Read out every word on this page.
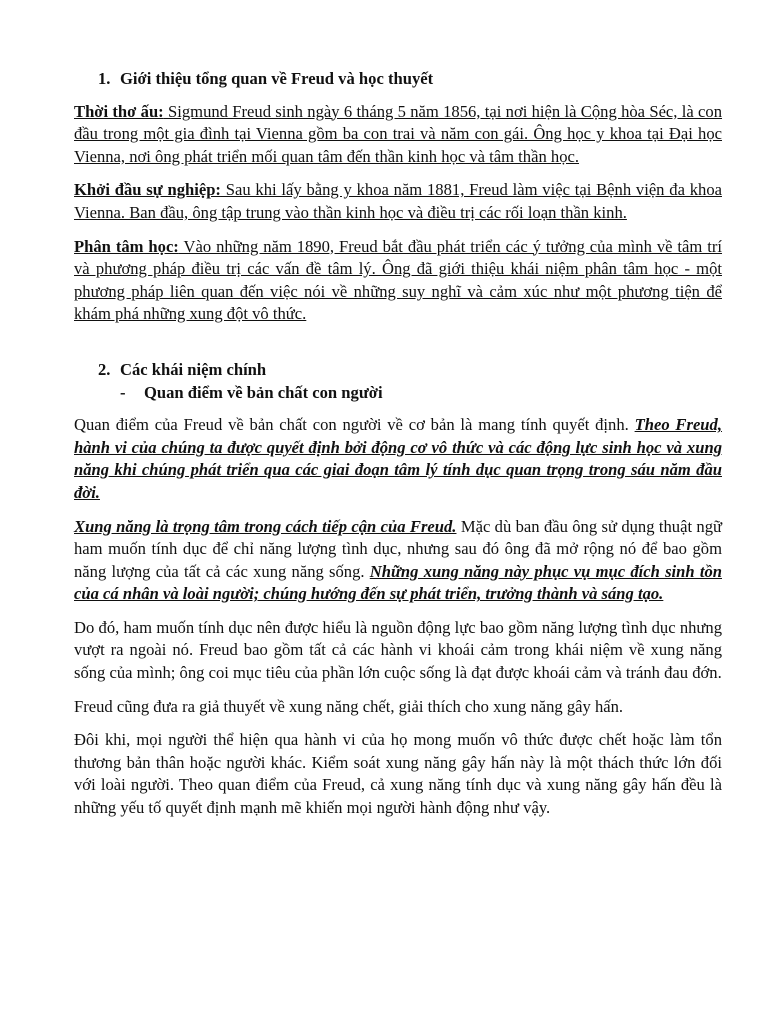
1. Giới thiệu tổng quan về Freud và học thuyết

Thời thơ ấu: Sigmund Freud sinh ngày 6 tháng 5 năm 1856, tại nơi hiện là Cộng hòa Séc, là con đầu trong một gia đình tại Vienna gồm ba con trai và năm con gái. Ông học y khoa tại Đại học Vienna, nơi ông phát triển mối quan tâm đến thần kinh học và tâm thần học.

Khởi đầu sự nghiệp: Sau khi lấy bằng y khoa năm 1881, Freud làm việc tại Bệnh viện đa khoa Vienna. Ban đầu, ông tập trung vào thần kinh học và điều trị các rối loạn thần kinh.

Phân tâm học: Vào những năm 1890, Freud bắt đầu phát triển các ý tưởng của mình về tâm trí và phương pháp điều trị các vấn đề tâm lý. Ông đã giới thiệu khái niệm phân tâm học - một phương pháp liên quan đến việc nói về những suy nghĩ và cảm xúc như một phương tiện để khám phá những xung đột vô thức.

2. Các khái niệm chính
- Quan điểm về bản chất con người

Quan điểm của Freud về bản chất con người về cơ bản là mang tính quyết định. Theo Freud, hành vi của chúng ta được quyết định bởi động cơ vô thức và các động lực sinh học và xung năng khi chúng phát triển qua các giai đoạn tâm lý tính dục quan trọng trong sáu năm đầu đời.

Xung năng là trọng tâm trong cách tiếp cận của Freud. Mặc dù ban đầu ông sử dụng thuật ngữ ham muốn tính dục để chỉ năng lượng tình dục, nhưng sau đó ông đã mở rộng nó để bao gồm năng lượng của tất cả các xung năng sống. Những xung năng này phục vụ mục đích sinh tồn của cá nhân và loài người; chúng hướng đến sự phát triển, trưởng thành và sáng tạo.

Do đó, ham muốn tính dục nên được hiểu là nguồn động lực bao gồm năng lượng tình dục nhưng vượt ra ngoài nó. Freud bao gồm tất cả các hành vi khoái cảm trong khái niệm về xung năng sống của mình; ông coi mục tiêu của phần lớn cuộc sống là đạt được khoái cảm và tránh đau đớn.

Freud cũng đưa ra giả thuyết về xung năng chết, giải thích cho xung năng gây hấn.

Đôi khi, mọi người thể hiện qua hành vi của họ mong muốn vô thức được chết hoặc làm tổn thương bản thân hoặc người khác. Kiểm soát xung năng gây hấn này là một thách thức lớn đối với loài người. Theo quan điểm của Freud, cả xung năng tính dục và xung năng gây hấn đều là những yếu tố quyết định mạnh mẽ khiến mọi người hành động như vậy.
